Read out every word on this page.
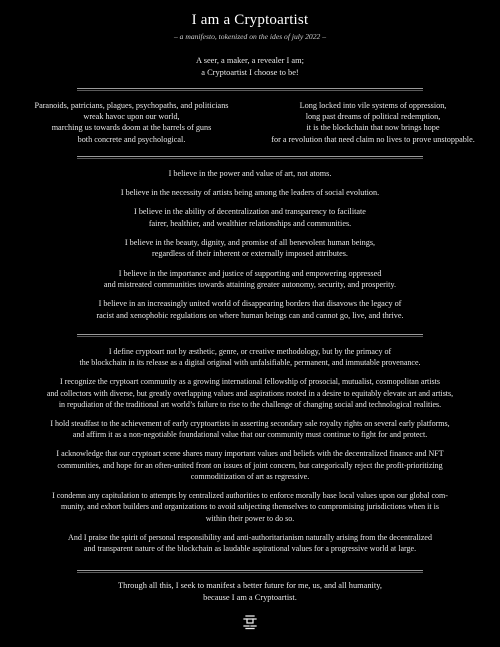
I am a Cryptoartist
– a manifesto, tokenized on the ides of july 2022 –
A seer, a maker, a revealer I am;
a Cryptoartist I choose to be!
Paranoids, patricians, plagues, psychopaths, and politicians
wreak havoc upon our world,
marching us towards doom at the barrels of guns
both concrete and psychological.
Long locked into vile systems of oppression,
long past dreams of political redemption,
it is the blockchain that now brings hope
for a revolution that need claim no lives to prove unstoppable.

I believe in the power and value of art, not atoms.

I believe in the necessity of artists being among the leaders of social evolution.

I believe in the ability of decentralization and transparency to facilitate
fairer, healthier, and wealthier relationships and communities.

I believe in the beauty, dignity, and promise of all benevolent human beings,
regardless of their inherent or externally imposed attributes.

I believe in the importance and justice of supporting and empowering oppressed
and mistreated communities towards attaining greater autonomy, security, and prosperity.

I believe in an increasingly united world of disappearing borders that disavows the legacy of
racist and xenophobic regulations on where human beings can and cannot go, live, and thrive.

I define cryptoart not by æsthetic, genre, or creative methodology, but by the primacy of
the blockchain in its release as a digital original with unfalsifiable, permanent, and immutable provenance.

I recognize the cryptoart community as a growing international fellowship of prosocial, mutualist, cosmopolitan artists
and collectors with diverse, but greatly overlapping values and aspirations rooted in a desire to equitably elevate art and artists,
in repudiation of the traditional art world’s failure to rise to the challenge of changing social and technological realities.

I hold steadfast to the achievement of early cryptoartists in asserting secondary sale royalty rights on several early platforms,
and affirm it as a non-negotiable foundational value that our community must continue to fight for and protect.

I acknowledge that our cryptoart scene shares many important values and beliefs with the decentralized finance and NFT
communities, and hope for an often-united front on issues of joint concern, but categorically reject the profit-prioritizing
commoditization of art as regressive.

I condemn any capitulation to attempts by centralized authorities to enforce morally base local values upon our global com-
munity, and exhort builders and organizations to avoid subjecting themselves to compromising jurisdictions when it is
within their power to do so.

And I praise the spirit of personal responsibility and anti-authoritarianism naturally arising from the decentralized
and transparent nature of the blockchain as laudable aspirational values for a progressive world at large.

Through all this, I seek to manifest a better future for me, us, and all humanity,
because I am a Cryptoartist.
